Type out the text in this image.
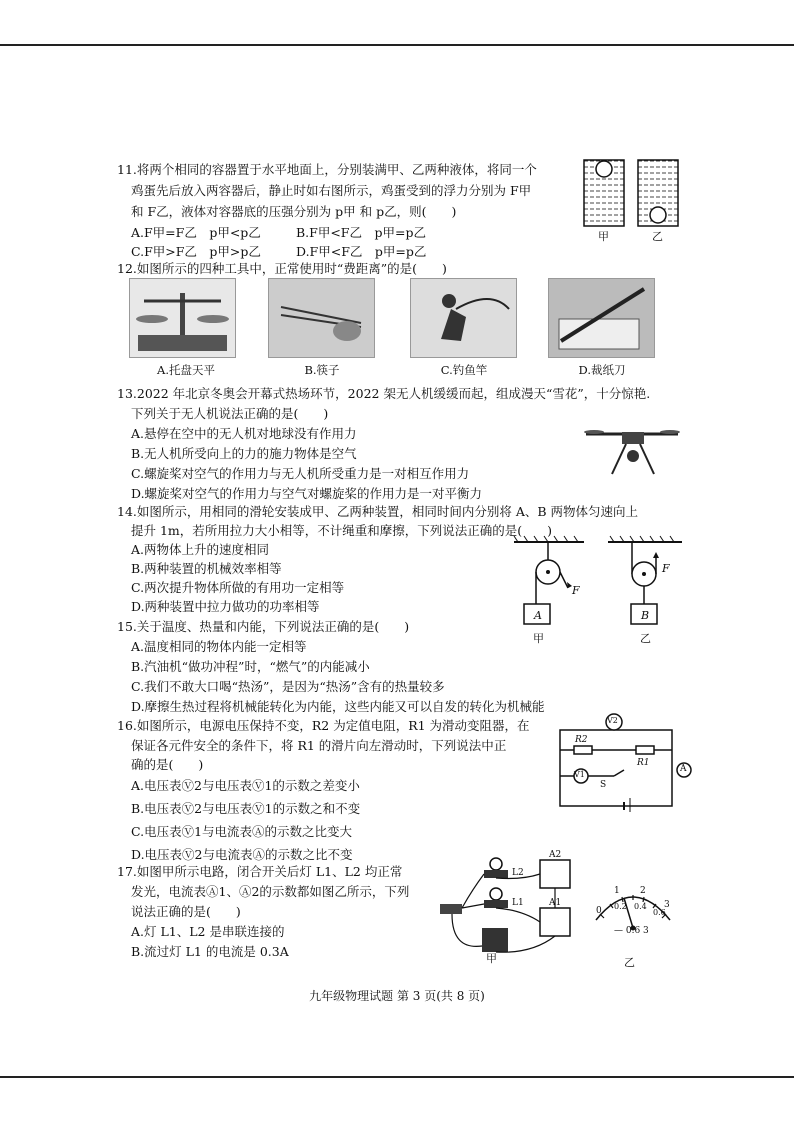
11.将两个相同的容器置于水平地面上，分别装满甲、乙两种液体，将同一个
鸡蛋先后放入两容器后，静止时如右图所示，鸡蛋受到的浮力分别为 F甲
和 F乙，液体对容器底的压强分别为 p甲 和 p乙，则(　　)
A.F甲=F乙　p甲<p乙	B.F甲<F乙　p甲=p乙
C.F甲>F乙　p甲>p乙	D.F甲<F乙　p甲=p乙
甲	乙
12.如图所示的四种工具中，正常使用时“费距离”的是(　　)
A.托盘天平	B.筷子	C.钓鱼竿	D.裁纸刀
13.2022 年北京冬奥会开幕式热场环节，2022 架无人机缓缓而起，组成漫天“雪花”，十分惊艳.
下列关于无人机说法正确的是(　　)
A.悬停在空中的无人机对地球没有作用力
B.无人机所受向上的力的施力物体是空气
C.螺旋桨对空气的作用力与无人机所受重力是一对相互作用力
D.螺旋桨对空气的作用力与空气对螺旋桨的作用力是一对平衡力
14.如图所示，用相同的滑轮安装成甲、乙两种装置，相同时间内分别将 A、B 两物体匀速向上
提升 1m，若所用拉力大小相等，不计绳重和摩擦，下列说法正确的是(　　)
A.两物体上升的速度相同
B.两种装置的机械效率相等
C.两次提升物体所做的有用功一定相等
D.两种装置中拉力做功的功率相等
F
F
A	B
甲	乙
15.关于温度、热量和内能，下列说法正确的是(　　)
A.温度相同的物体内能一定相等
B.汽油机“做功冲程”时，“燃气”的内能减小
C.我们不敢大口喝“热汤”，是因为“热汤”含有的热量较多
D.摩擦生热过程将机械能转化为内能，这些内能又可以自发的转化为机械能
16.如图所示，电源电压保持不变，R2 为定值电阻，R1 为滑动变阻器，在
保证各元件安全的条件下，将 R1 的滑片向左滑动时，下列说法中正
确的是(　　)
A.电压表Ⓥ2与电压表Ⓥ1的示数之差变小
B.电压表Ⓥ2与电压表Ⓥ1的示数之和不变
C.电压表Ⓥ1与电流表Ⓐ的示数之比变大
D.电压表Ⓥ2与电流表Ⓐ的示数之比不变
V2
R2
R1
V1
A
S
17.如图甲所示电路，闭合开关后灯 L1、L2 均正常
发光，电流表Ⓐ1、Ⓐ2的示数都如图乙所示，下列
说法正确的是(　　)
A.灯 L1、L2 是串联连接的
B.流过灯 L1 的电流是 0.3A
A2
L2
L1	A1
甲
0
1 2
3
0.2 0.4
0.6
— 0.6 3
乙
九年级物理试题 第 3 页(共 8 页)
